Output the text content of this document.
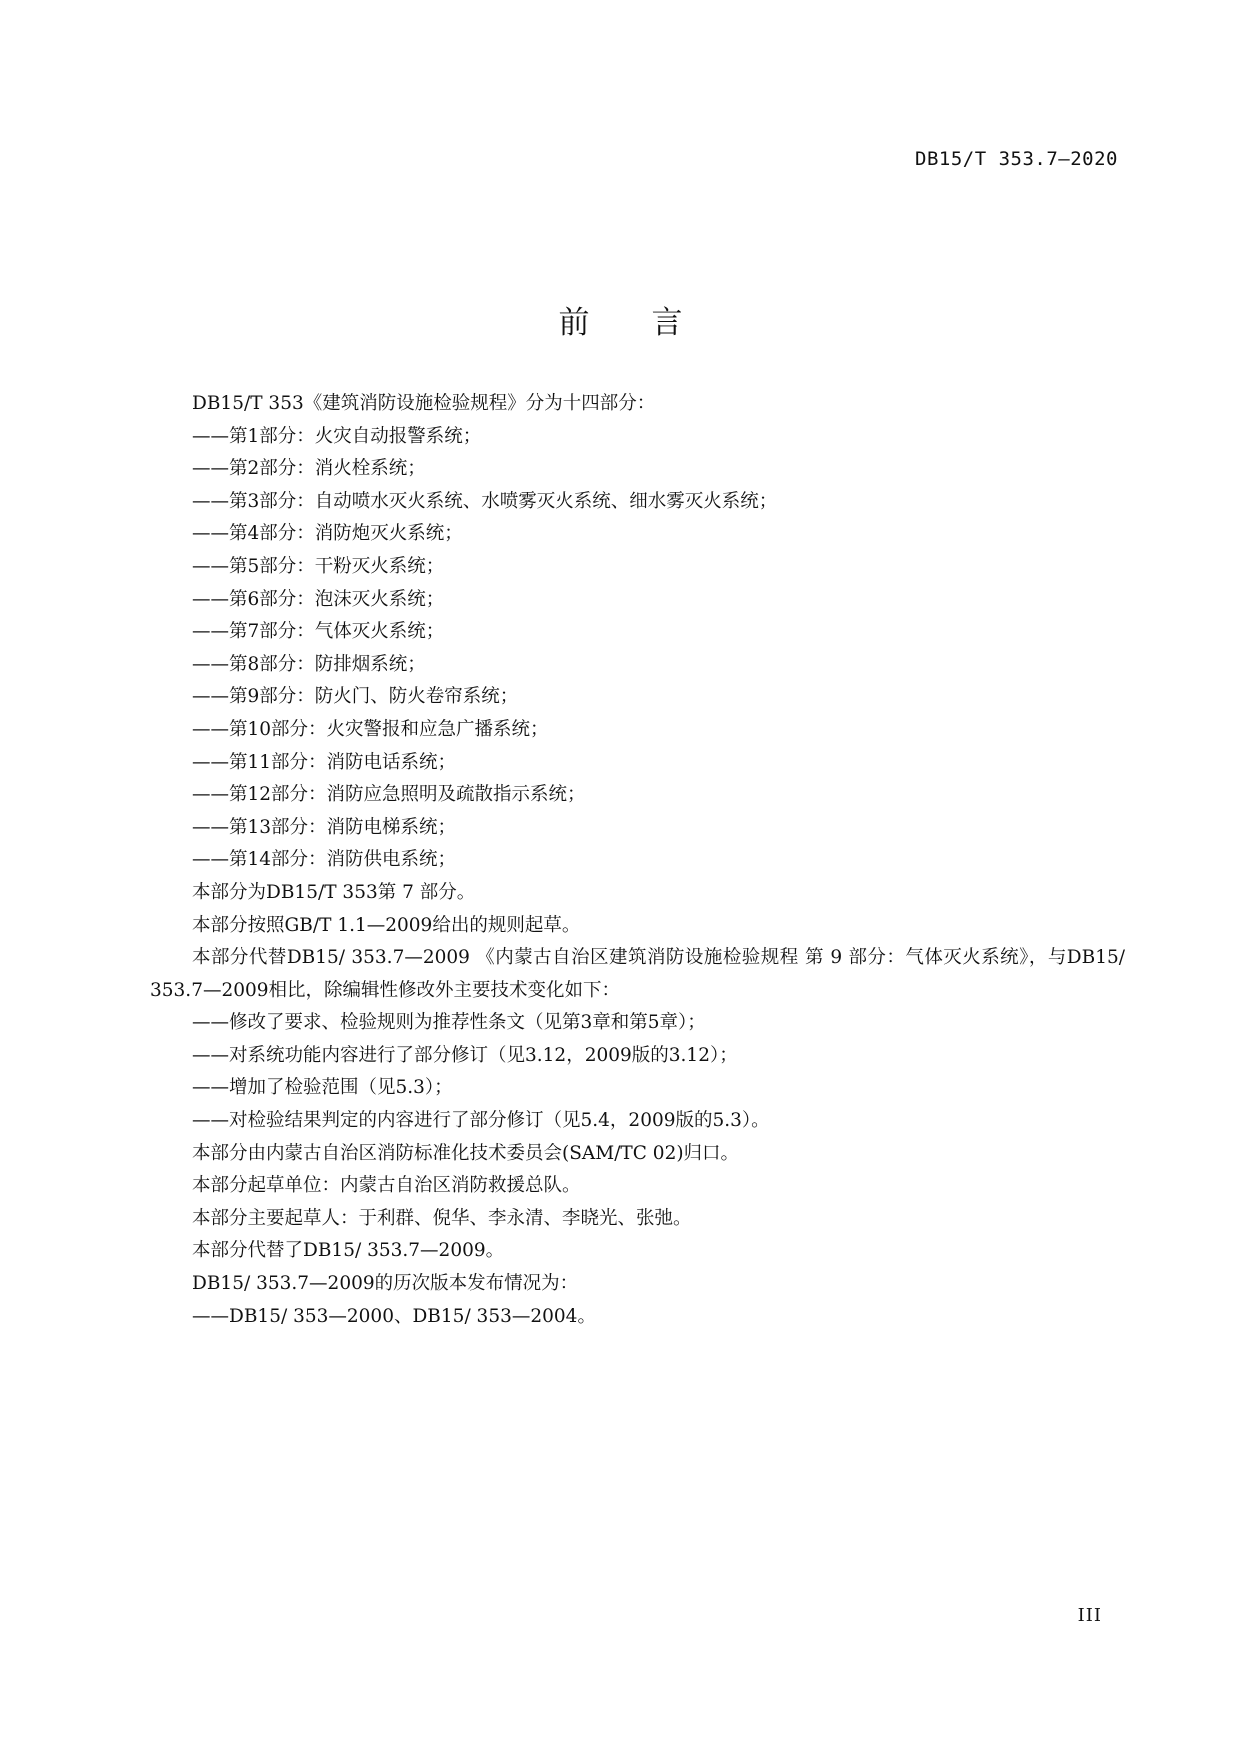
DB15/T 353.7—2020
前言

DB15/T 353《建筑消防设施检验规程》分为十四部分：

——第1部分：火灾自动报警系统；

——第2部分：消火栓系统；

——第3部分：自动喷水灭火系统、水喷雾灭火系统、细水雾灭火系统；

——第4部分：消防炮灭火系统；

——第5部分：干粉灭火系统；

——第6部分：泡沫灭火系统；

——第7部分：气体灭火系统；

——第8部分：防排烟系统；

——第9部分：防火门、防火卷帘系统；

——第10部分：火灾警报和应急广播系统；

——第11部分：消防电话系统；

——第12部分：消防应急照明及疏散指示系统；

——第13部分：消防电梯系统；

——第14部分：消防供电系统；

本部分为DB15/T 353第 7 部分。

本部分按照GB/T 1.1—2009给出的规则起草。

本部分代替DB15/ 353.7—2009 《内蒙古自治区建筑消防设施检验规程 第 9 部分：气体灭火系统》，与DB15/ 353.7—2009相比，除编辑性修改外主要技术变化如下：

——修改了要求、检验规则为推荐性条文（见第3章和第5章）；

——对系统功能内容进行了部分修订（见3.12，2009版的3.12）；

——增加了检验范围（见5.3）；

——对检验结果判定的内容进行了部分修订（见5.4，2009版的5.3）。

本部分由内蒙古自治区消防标准化技术委员会(SAM/TC 02)归口。

本部分起草单位：内蒙古自治区消防救援总队。

本部分主要起草人：于利群、倪华、李永清、李晓光、张弛。

本部分代替了DB15/ 353.7—2009。

DB15/ 353.7—2009的历次版本发布情况为：

——DB15/ 353—2000、DB15/ 353—2004。

III
